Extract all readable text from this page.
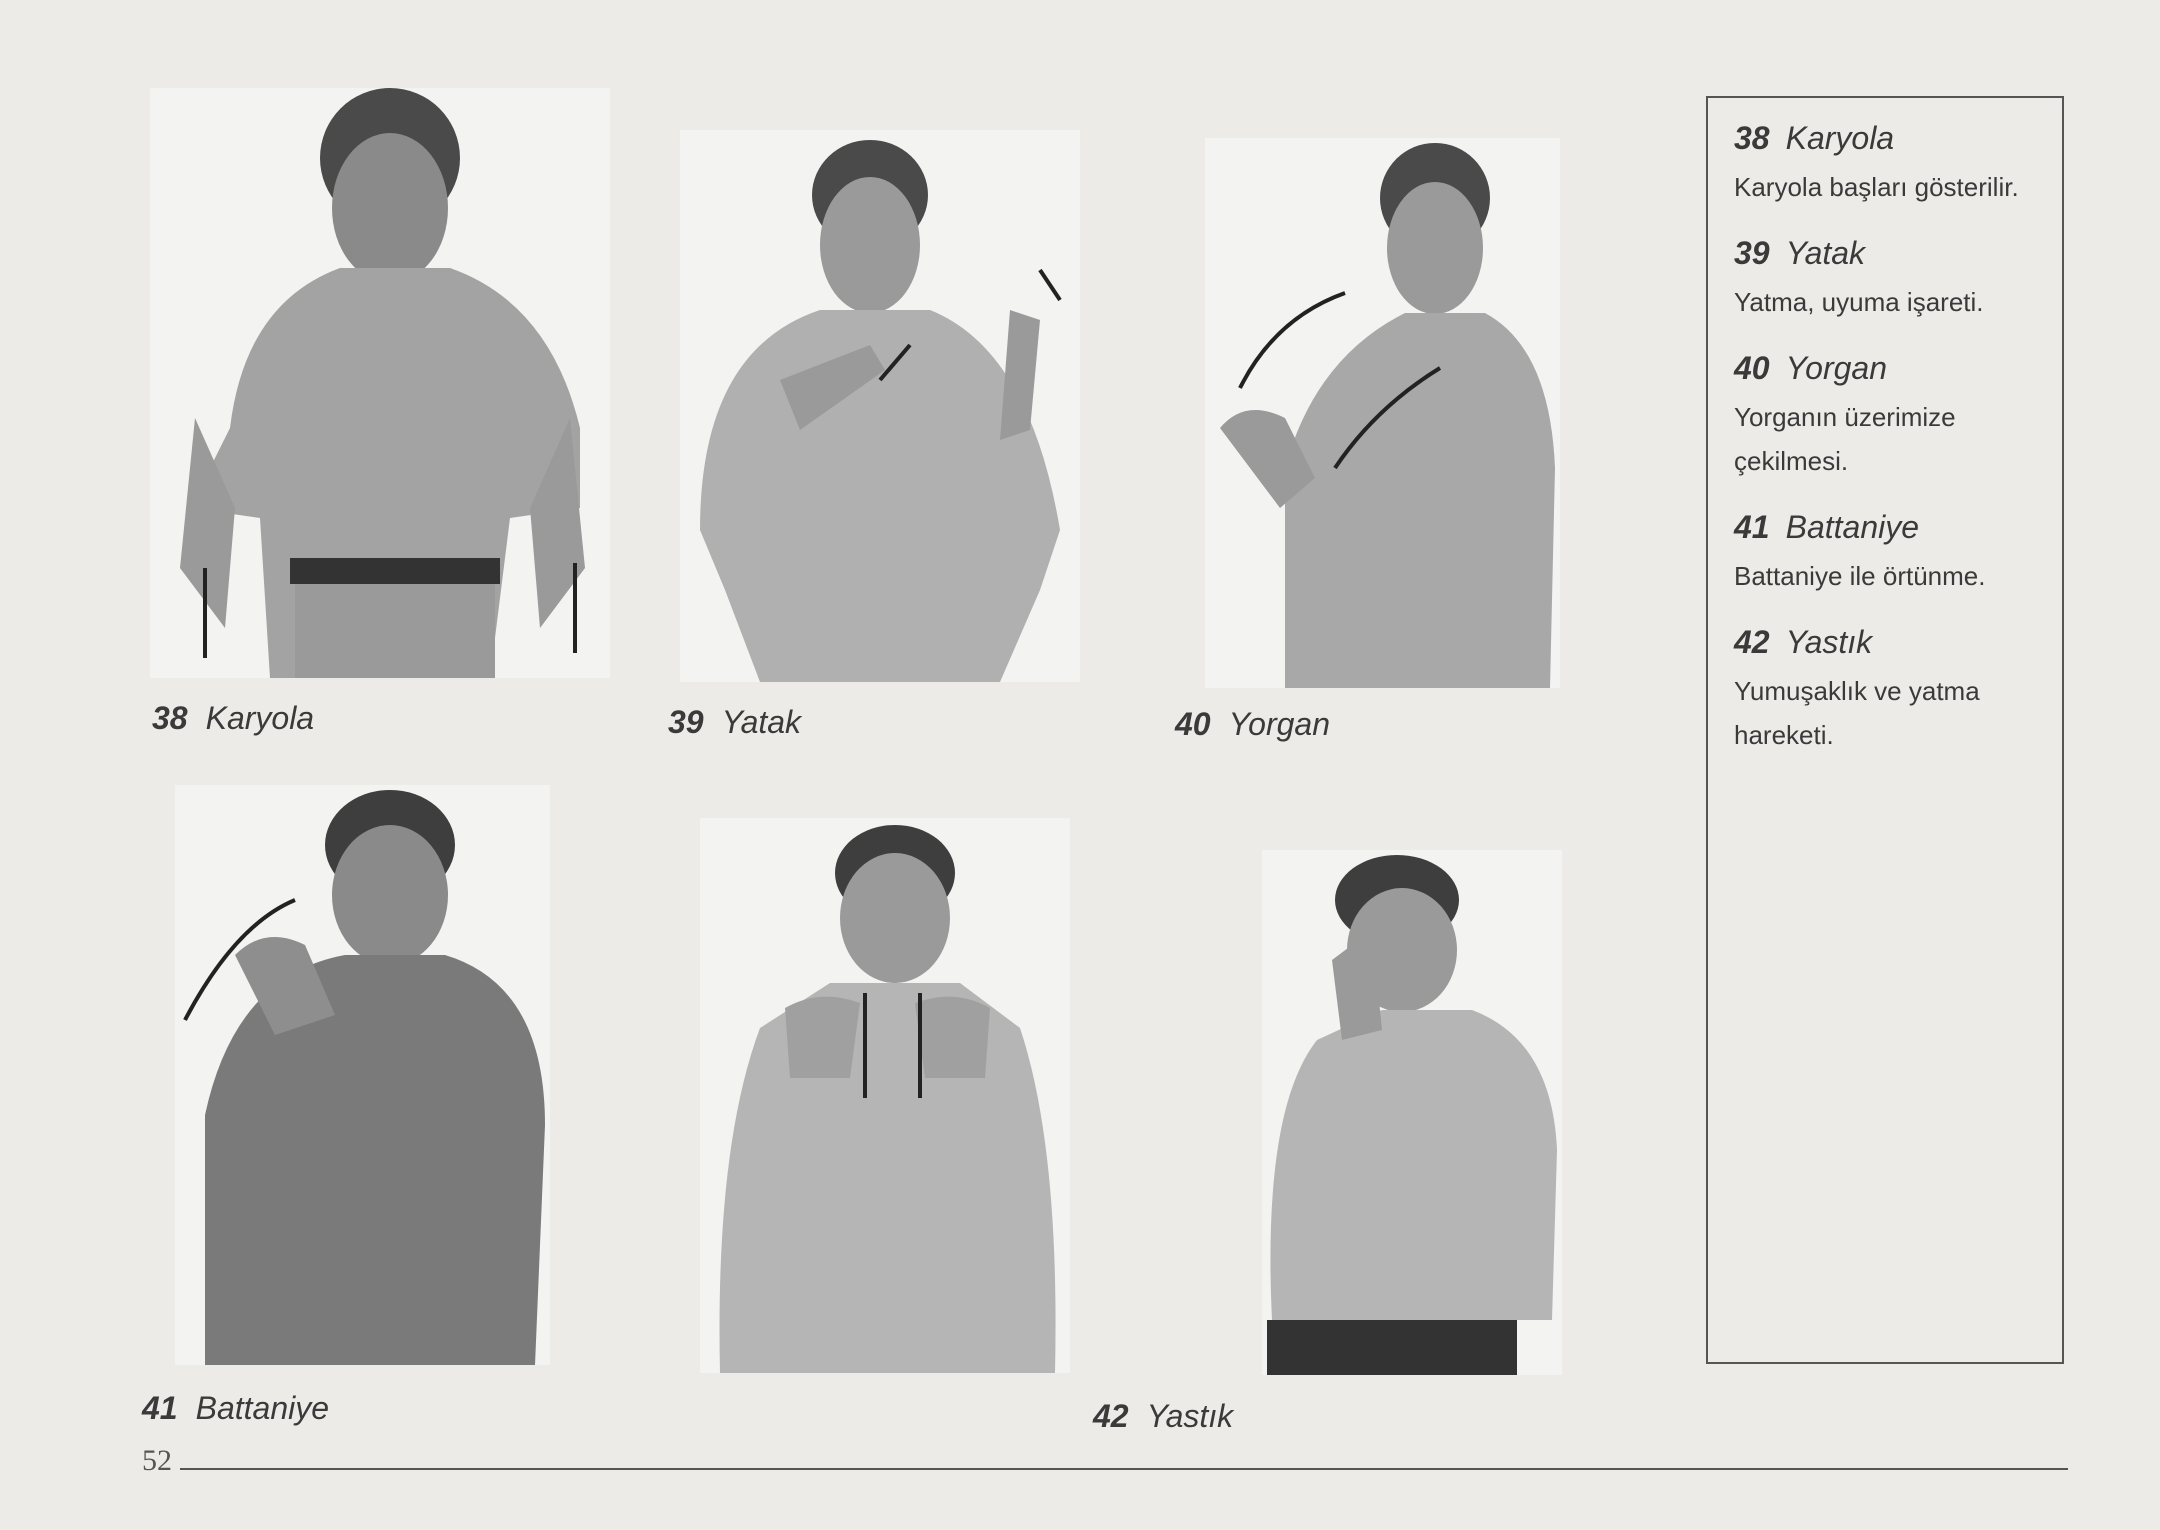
38 Karyola	39 Yatak	40 Yorgan
41 Battaniye	42 Yastık
38 Karyola
Karyola başları gösterilir.
39 Yatak
Yatma, uyuma işareti.
40 Yorgan
Yorganın üzerimize
çekilmesi.
41 Battaniye
Battaniye ile örtünme.
42 Yastık
Yumuşaklık ve yatma
hareketi.
52
